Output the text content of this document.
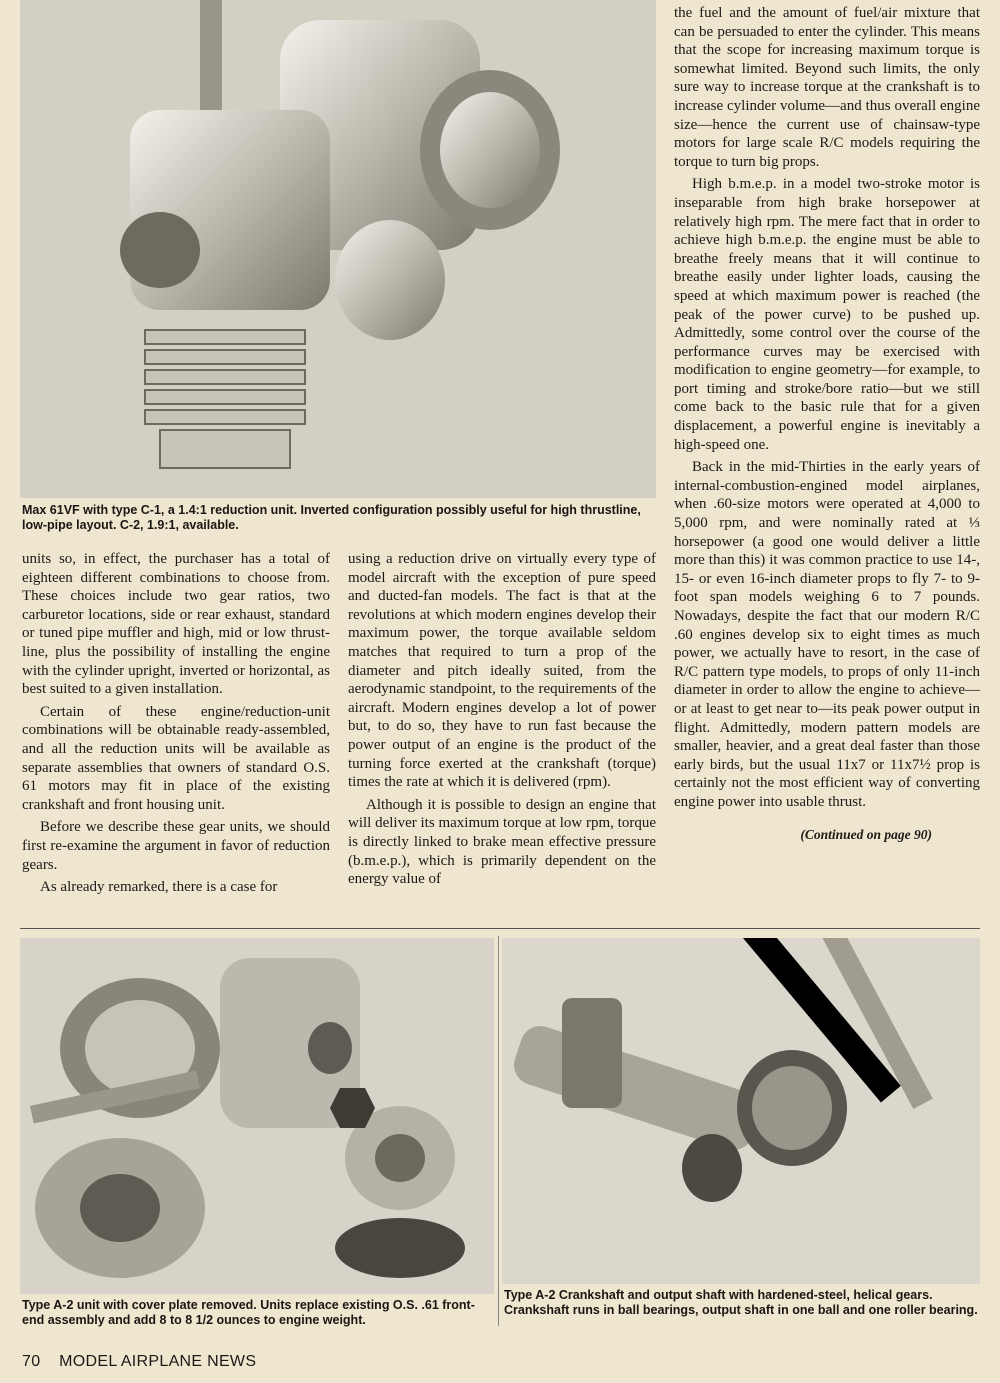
Max 61VF with type C-1, a 1.4:1 reduction unit. Inverted configuration possibly useful for high thrustline, low-pipe layout. C-2, 1.9:1, available.

units so, in effect, the purchaser has a total of eighteen different combinations to choose from. These choices include two gear ratios, two carburetor locations, side or rear exhaust, standard or tuned pipe muffler and high, mid or low thrust-line, plus the possibility of installing the engine with the cylinder upright, inverted or horizontal, as best suited to a given installation.

Certain of these engine/reduction-unit combinations will be obtainable ready-assembled, and all the reduction units will be available as separate assemblies that owners of standard O.S. 61 motors may fit in place of the existing crankshaft and front housing unit.

Before we describe these gear units, we should first re-examine the argument in favor of reduction gears.

As already remarked, there is a case for

using a reduction drive on virtually every type of model aircraft with the exception of pure speed and ducted-fan models. The fact is that at the revolutions at which modern engines develop their maximum power, the torque available seldom matches that required to turn a prop of the diameter and pitch ideally suited, from the aerodynamic standpoint, to the requirements of the aircraft. Modern engines develop a lot of power but, to do so, they have to run fast because the power output of an engine is the product of the turning force exerted at the crankshaft (torque) times the rate at which it is delivered (rpm).

Although it is possible to design an engine that will deliver its maximum torque at low rpm, torque is directly linked to brake mean effective pressure (b.m.e.p.), which is primarily dependent on the energy value of

the fuel and the amount of fuel/air mixture that can be persuaded to enter the cylinder. This means that the scope for increasing maximum torque is somewhat limited. Beyond such limits, the only sure way to increase torque at the crankshaft is to increase cylinder volume—and thus overall engine size—hence the current use of chainsaw-type motors for large scale R/C models requiring the torque to turn big props.

High b.m.e.p. in a model two-stroke motor is inseparable from high brake horsepower at relatively high rpm. The mere fact that in order to achieve high b.m.e.p. the engine must be able to breathe freely means that it will continue to breathe easily under lighter loads, causing the speed at which maximum power is reached (the peak of the power curve) to be pushed up. Admittedly, some control over the course of the performance curves may be exercised with modification to engine geometry—for example, to port timing and stroke/bore ratio—but we still come back to the basic rule that for a given displacement, a powerful engine is inevitably a high-speed one.

Back in the mid-Thirties in the early years of internal-combustion-engined model airplanes, when .60-size motors were operated at 4,000 to 5,000 rpm, and were nominally rated at ⅓ horsepower (a good one would deliver a little more than this) it was common practice to use 14-, 15- or even 16-inch diameter props to fly 7- to 9-foot span models weighing 6 to 7 pounds. Nowadays, despite the fact that our modern R/C .60 engines develop six to eight times as much power, we actually have to resort, in the case of R/C pattern type models, to props of only 11-inch diameter in order to allow the engine to achieve—or at least to get near to—its peak power output in flight. Admittedly, modern pattern models are smaller, heavier, and a great deal faster than those early birds, but the usual 11x7 or 11x7½ prop is certainly not the most efficient way of converting engine power into usable thrust.

(Continued on page 90)

Type A-2 unit with cover plate removed. Units replace existing O.S. .61 front-end assembly and add 8 to 8 1/2 ounces to engine weight.
Type A-2 Crankshaft and output shaft with hardened-steel, helical gears. Crankshaft runs in ball bearings, output shaft in one ball and one roller bearing.
70 MODEL AIRPLANE NEWS
